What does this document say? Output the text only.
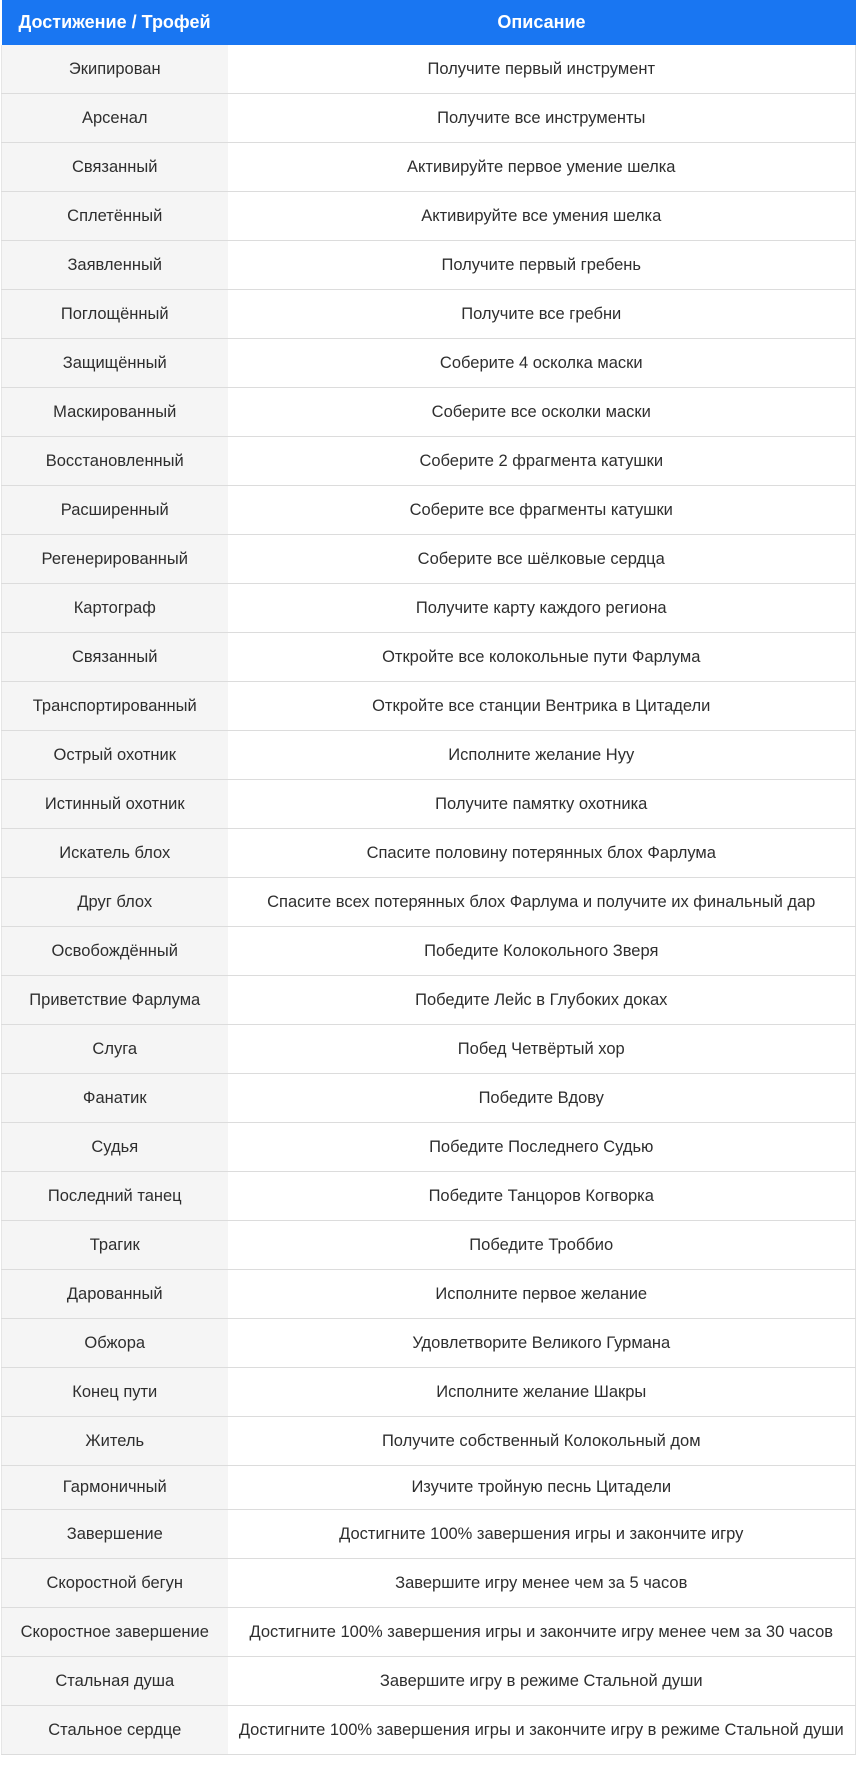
Достижение / Трофей	Описание
Экипирован	Получите первый инструмент
Арсенал	Получите все инструменты
Связанный	Активируйте первое умение шелка
Сплетённый	Активируйте все умения шелка
Заявленный	Получите первый гребень
Поглощённый	Получите все гребни
Защищённый	Соберите 4 осколка маски
Маскированный	Соберите все осколки маски
Восстановленный	Соберите 2 фрагмента катушки
Расширенный	Соберите все фрагменты катушки
Регенерированный	Соберите все шёлковые сердца
Картограф	Получите карту каждого региона
Связанный	Откройте все колокольные пути Фарлума
Транспортированный	Откройте все станции Вентрика в Цитадели
Острый охотник	Исполните желание Нуу
Истинный охотник	Получите памятку охотника
Искатель блох	Спасите половину потерянных блох Фарлума
Друг блох	Спасите всех потерянных блох Фарлума и получите их финальный дар
Освобождённый	Победите Колокольного Зверя
Приветствие Фарлума	Победите Лейс в Глубоких доках
Слуга	Побед Четвёртый хор
Фанатик	Победите Вдову
Судья	Победите Последнего Судью
Последний танец	Победите Танцоров Когворка
Трагик	Победите Троббио
Дарованный	Исполните первое желание
Обжора	Удовлетворите Великого Гурмана
Конец пути	Исполните желание Шакры
Житель	Получите собственный Колокольный дом
Гармоничный	Изучите тройную песнь Цитадели
Завершение	Достигните 100% завершения игры и закончите игру
Скоростной бегун	Завершите игру менее чем за 5 часов
Скоростное завершение	Достигните 100% завершения игры и закончите игру менее чем за 30 часов
Стальная душа	Завершите игру в режиме Стальной души
Стальное сердце	Достигните 100% завершения игры и закончите игру в режиме Стальной души
